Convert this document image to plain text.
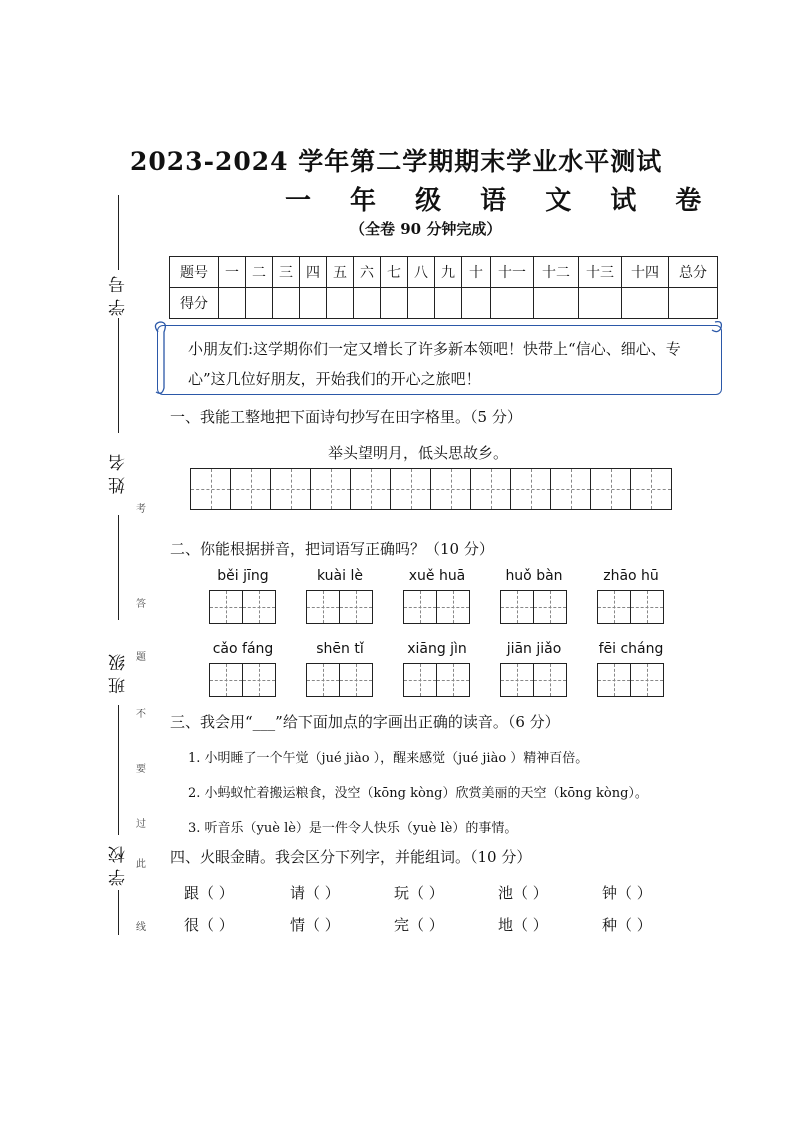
学号
姓名
班级
学校
考
答
题
不
要
过
此
线
2023-2024 学年第二学期期末学业水平测试
一 年 级 语 文 试 卷
（全卷 90 分钟完成）
题号	一	二	三	四	五	六	七	八	九	十	十一	十二	十三	十四	总分
得分															
小朋友们:这学期你们一定又增长了许多新本领吧！快带上“信心、细心、专心”这几位好朋友，开始我们的开心之旅吧！
一、我能工整地把下面诗句抄写在田字格里。（5 分）
举头望明月，低头思故乡。
二、你能根据拼音，把词语写正确吗？（10 分）
běi jīng	kuài lè	xuě huā	huǒ bàn	zhāo hū
cǎo fáng	shēn tǐ	xiāng jìn	jiān jiǎo	fēi cháng
三、我会用“___”给下面加点的字画出正确的读音。（6 分）
1. 小明睡了一个午觉（jué jiào ），醒来感觉（jué jiào ）精神百倍。
2. 小蚂蚁忙着搬运粮食，没空（kōng kòng）欣赏美丽的天空（kōng kòng）。
3. 听音乐（yuè lè）是一件令人快乐（yuè lè）的事情。
四、火眼金睛。我会区分下列字，并能组词。（10 分）
跟（ ）	请（ ）	玩（ ）	池（ ）	钟（ ）
很（ ）	情（ ）	完（ ）	地（ ）	种（ ）
